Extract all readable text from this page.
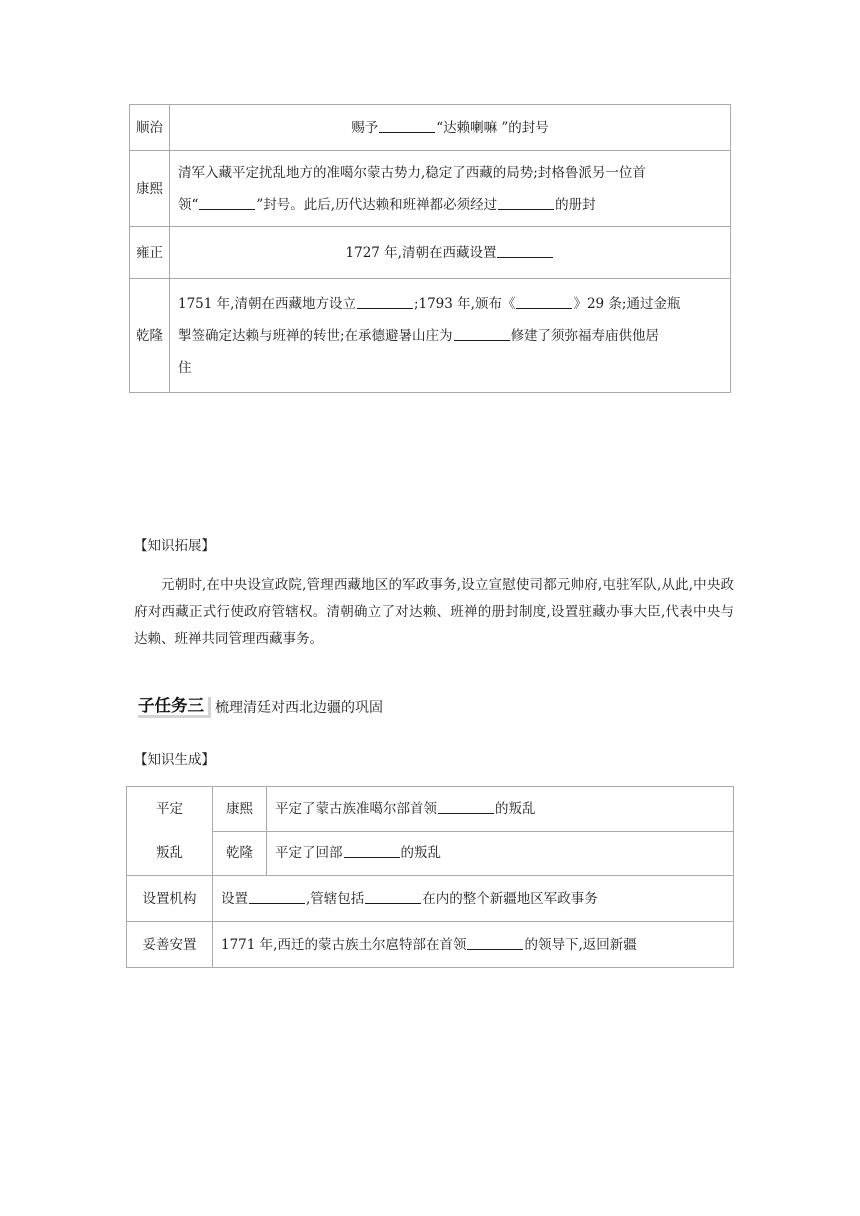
顺治	赐予 “达赖喇嘛 ”的封号
康熙	清军入藏平定扰乱地方的准噶尔蒙古势力,稳定了西藏的局势;封格鲁派另一位首
领“ ”封号。此后,历代达赖和班禅都必须经过 的册封
雍正	1727 年,清朝在西藏设置
乾隆	1751 年,清朝在西藏地方设立 ;1793 年,颁布《 》29 条;通过金瓶
掣签确定达赖与班禅的转世;在承德避暑山庄为 修建了须弥福寿庙供他居
住
【知识拓展】

元朝时,在中央设宣政院,管理西藏地区的军政事务,设立宣慰使司都元帅府,屯驻军队,从此,中央政府对西藏正式行使政府管辖权。清朝确立了对达赖、班禅的册封制度,设置驻藏办事大臣,代表中央与达赖、班禅共同管理西藏事务。

子任务三 梳理清廷对西北边疆的巩固
【知识生成】
平定
叛乱	康熙	平定了蒙古族准噶尔部首领 的叛乱
	乾隆	平定了回部 的叛乱
设置机构	设置 ,管辖包括 在内的整个新疆地区军政事务	
妥善安置	1771 年,西迁的蒙古族土尔扈特部在首领 的领导下,返回新疆	
